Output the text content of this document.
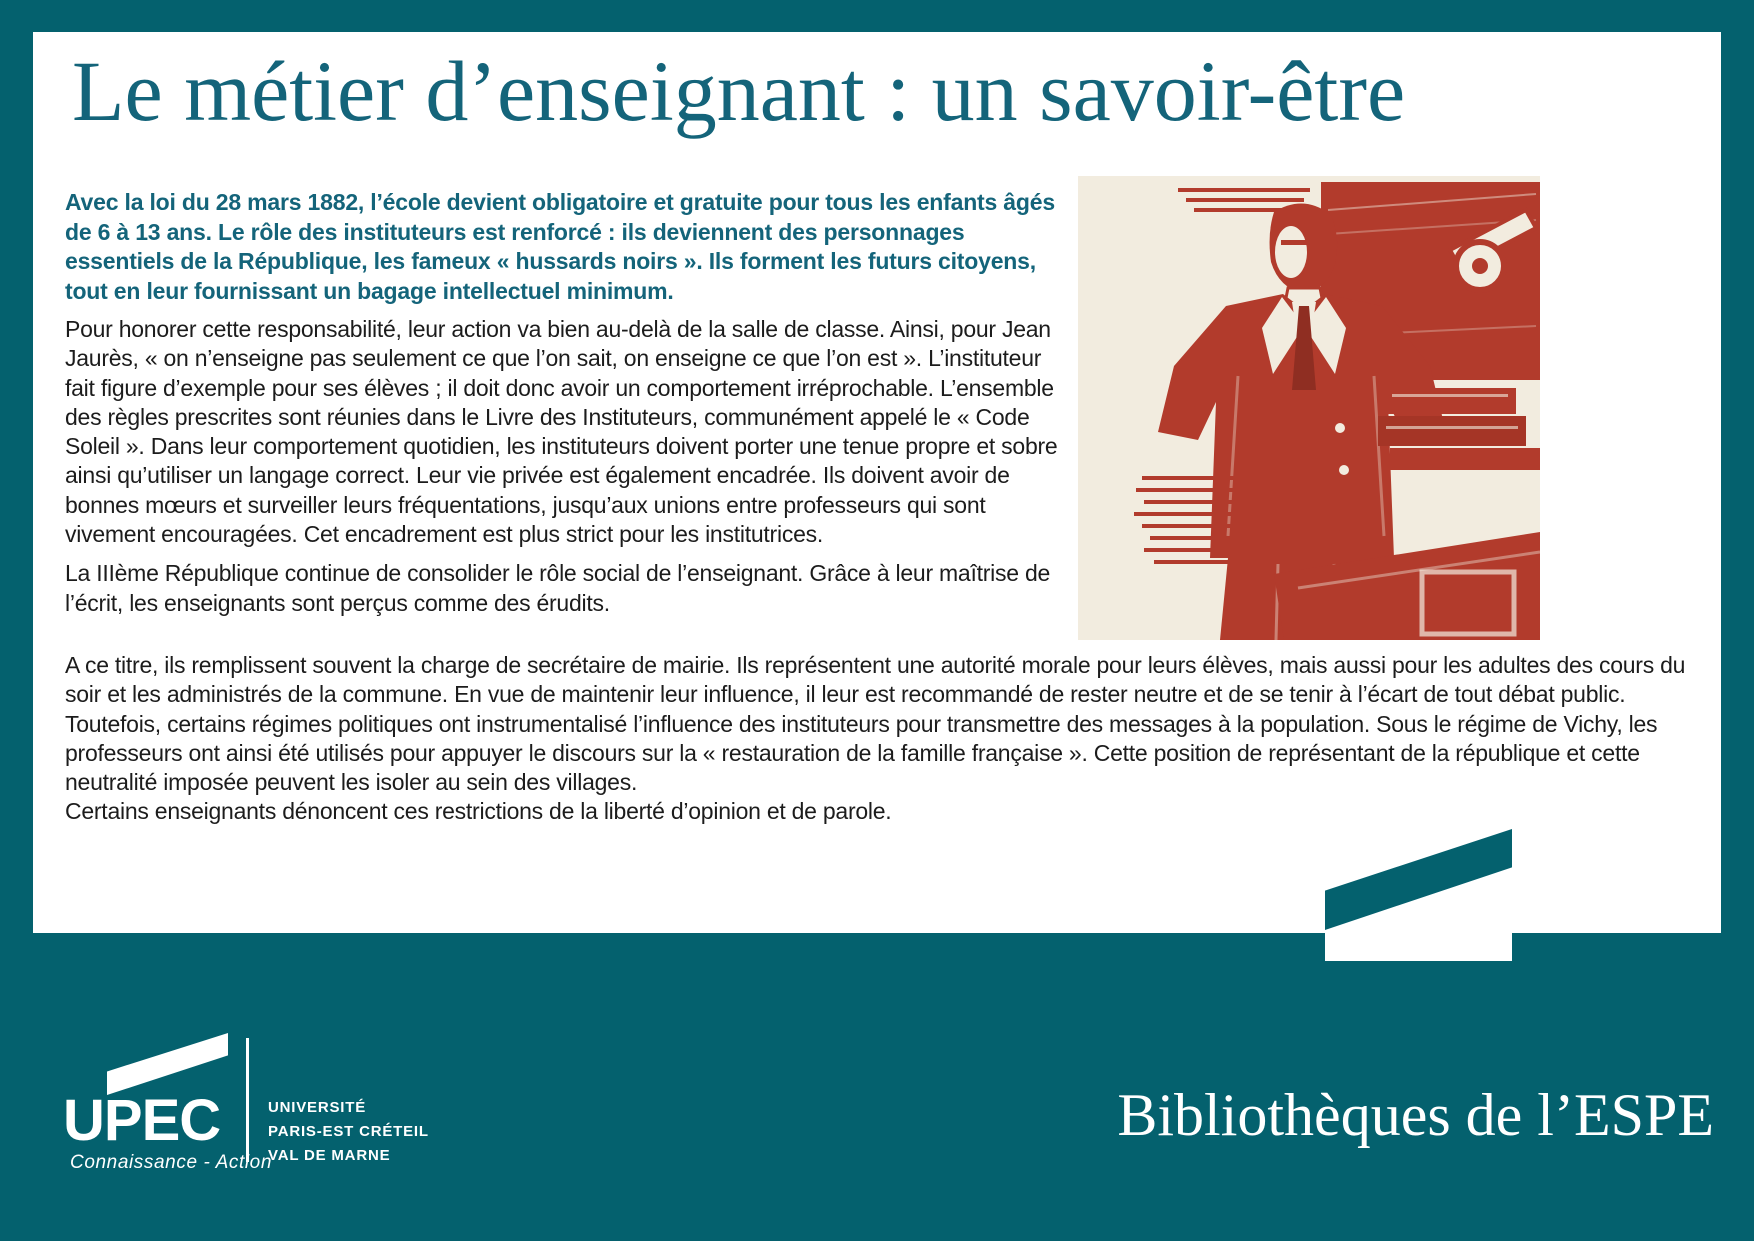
Le métier d’enseignant : un savoir-être

Avec la loi du 28 mars 1882, l’école devient obligatoire et gratuite pour tous les enfants âgés de 6 à 13 ans. Le rôle des instituteurs est renforcé : ils deviennent des personnages essentiels de la République, les fameux « hussards noirs ». Ils forment les futurs citoyens, tout en leur fournissant un bagage intellectuel minimum.

Pour honorer cette responsabilité, leur action va bien au-delà de la salle de classe. Ainsi, pour Jean Jaurès, « on n’enseigne pas seulement ce que l’on sait, on enseigne ce que l’on est ». L’instituteur fait figure d’exemple pour ses élèves ; il doit donc avoir un comportement irréprochable. L’ensemble des règles prescrites sont réunies dans le Livre des Instituteurs, communément appelé le « Code Soleil ». Dans leur comportement quotidien, les instituteurs doivent porter une tenue propre et sobre ainsi qu’utiliser un langage correct. Leur vie privée est également encadrée. Ils doivent avoir de bonnes mœurs et surveiller leurs fréquentations, jusqu’aux unions entre professeurs qui sont vivement encouragées. Cet encadrement est plus strict pour les institutrices.

La IIIème République continue de consolider le rôle social de l’enseignant. Grâce à leur maîtrise de l’écrit, les enseignants sont perçus comme des érudits.

A ce titre, ils remplissent souvent la charge de secrétaire de mairie. Ils représentent une autorité morale pour leurs élèves, mais aussi pour les adultes des cours du soir et les administrés de la commune. En vue de maintenir leur influence, il leur est recommandé de rester neutre et de se tenir à l’écart de tout débat public. Toutefois, certains régimes politiques ont instrumentalisé l’influence des instituteurs pour transmettre des messages à la population. Sous le régime de Vichy, les professeurs ont ainsi été utilisés pour appuyer le discours sur la « restauration de la famille française ». Cette position de représentant de la république et cette neutralité imposée peuvent les isoler au sein des villages.

Certains enseignants dénoncent ces restrictions de la liberté d’opinion et de parole.

UPEC	UNIVERSITÉ
PARIS-EST CRÉTEIL
VAL DE MARNE
Connaissance - Action

Bibliothèques de l’ESPE
